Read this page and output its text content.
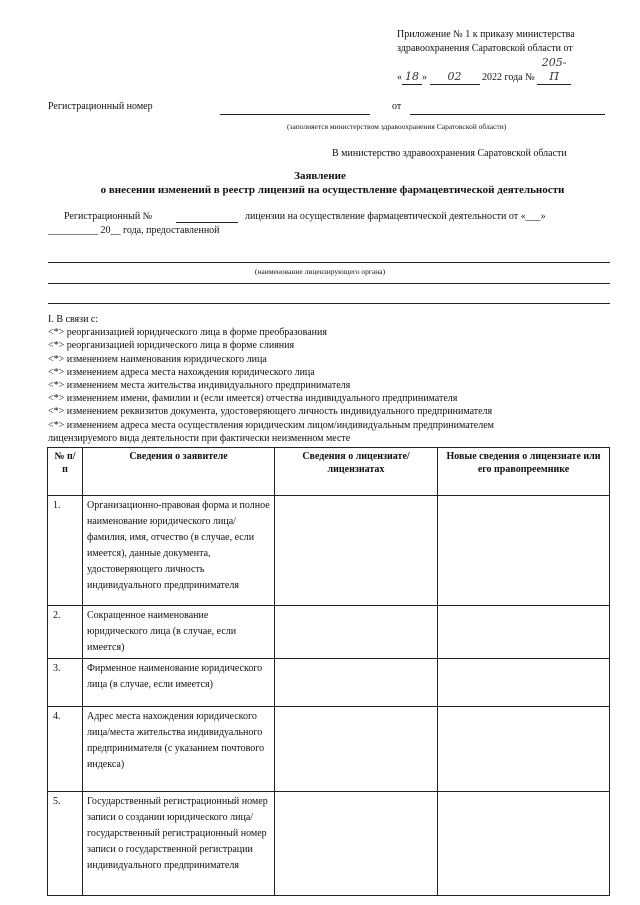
Приложение № 1 к приказу министерства
здравоохранения Саратовской области от
« 18 » 02 2022 года № 205-П
Регистрационный номер	от
(заполняется министерством здравоохранения Саратовской области)
В министерство здравоохранения Саратовской области
Заявление
о внесении изменений в реестр лицензий на осуществление фармацевтической деятельности
Регистрационный №	лицензии на осуществление фармацевтической деятельности от «___»
__________ 20__ года, предоставленной
(наименование лицензирующего органа)
I. В связи с:
<*> реорганизацией юридического лица в форме преобразования
<*> реорганизацией юридического лица в форме слияния
<*> изменением наименования юридического лица
<*> изменением адреса места нахождения юридического лица
<*> изменением места жительства индивидуального предпринимателя
<*> изменением имени, фамилии и (если имеется) отчества индивидуального предпринимателя
<*> изменением реквизитов документа, удостоверяющего личность индивидуального предпринимателя
<*> изменением адреса места осуществления юридическим лицом/индивидуальным предпринимателем
лицензируемого вида деятельности при фактически неизменном месте
№ п/п	Сведения о заявителе	Сведения о лицензиате/лицензиатах	Новые сведения о лицензиате или его правопреемнике
1.	Организационно-правовая форма и полное наименование юридического лица/фамилия, имя, отчество (в случае, если имеется), данные документа, удостоверяющего личность индивидуального предпринимателя		
2.	Сокращенное наименование юридического лица (в случае, если имеется)		
3.	Фирменное наименование юридического лица (в случае, если имеется)		
4.	Адрес места нахождения юридического лица/места жительства индивидуального предпринимателя (с указанием почтового индекса)		
5.	Государственный регистрационный номер записи о создании юридического лица/ государственный регистрационный номер записи о государственной регистрации индивидуального предпринимателя		
